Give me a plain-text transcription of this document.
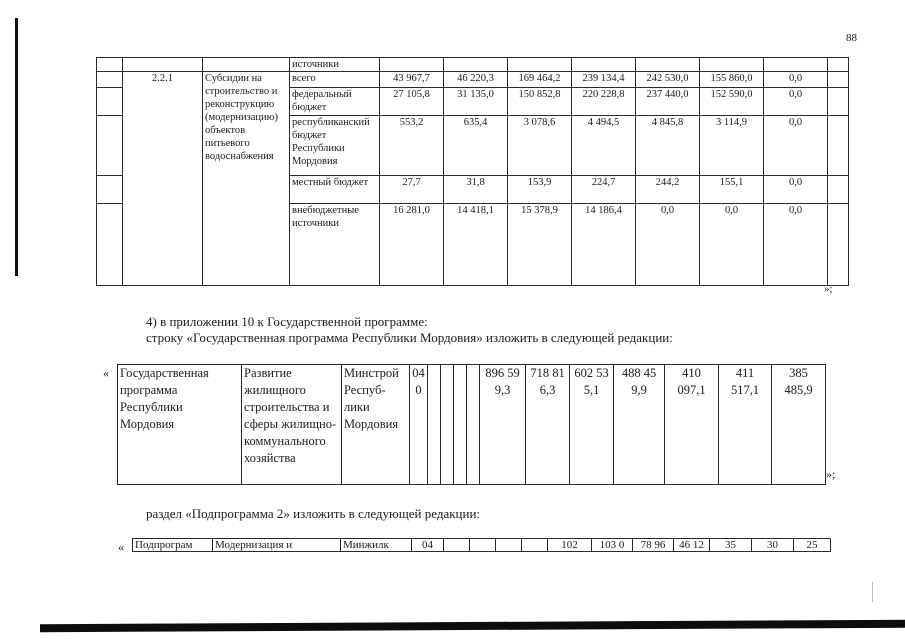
88
			источники								
	2.2.1	Субсидии на строительство и реконструкцию (модернизацию) объектов питьевого водоснабжения	всего	43 967,7	46 220,3	169 464,2	239 134,4	242 530,0	155 860,0	0,0	
			федеральный бюджет	27 105,8	31 135,0	150 852,8	220 228,8	237 440,0	152 590,0	0,0	
			республиканский бюджет Республики Мордовия	553,2	635,4	3 078,6	4 494,5	4 845,8	3 114,9	0,0	
			местный бюджет	27,7	31,8	153,9	224,7	244,2	155,1	0,0	
			внебюджетные источники	16 281,0	14 418,1	15 378,9	14 186,4	0,0	0,0	0,0	
»;
4) в приложении 10 к Государственной программе:
строку «Государственная программа Республики Мордовия» изложить в следующей редакции:
« Государственная программа Республики Мордовия	Развитие жилищного строительства и сферы жилищно-коммунального хозяйства	Минстрой Респуб-лики Мордовия	04 0					896 59 9,3	718 81 6,3	602 53 5,1	488 45 9,9	410 097,1	411 517,1	385 485,9
»;
раздел «Подпрограмма 2» изложить в следующей редакции:
« Подпрограм	Модернизация и	Минжилк	04					102	103 0	78 96	46 12	35	30	25
